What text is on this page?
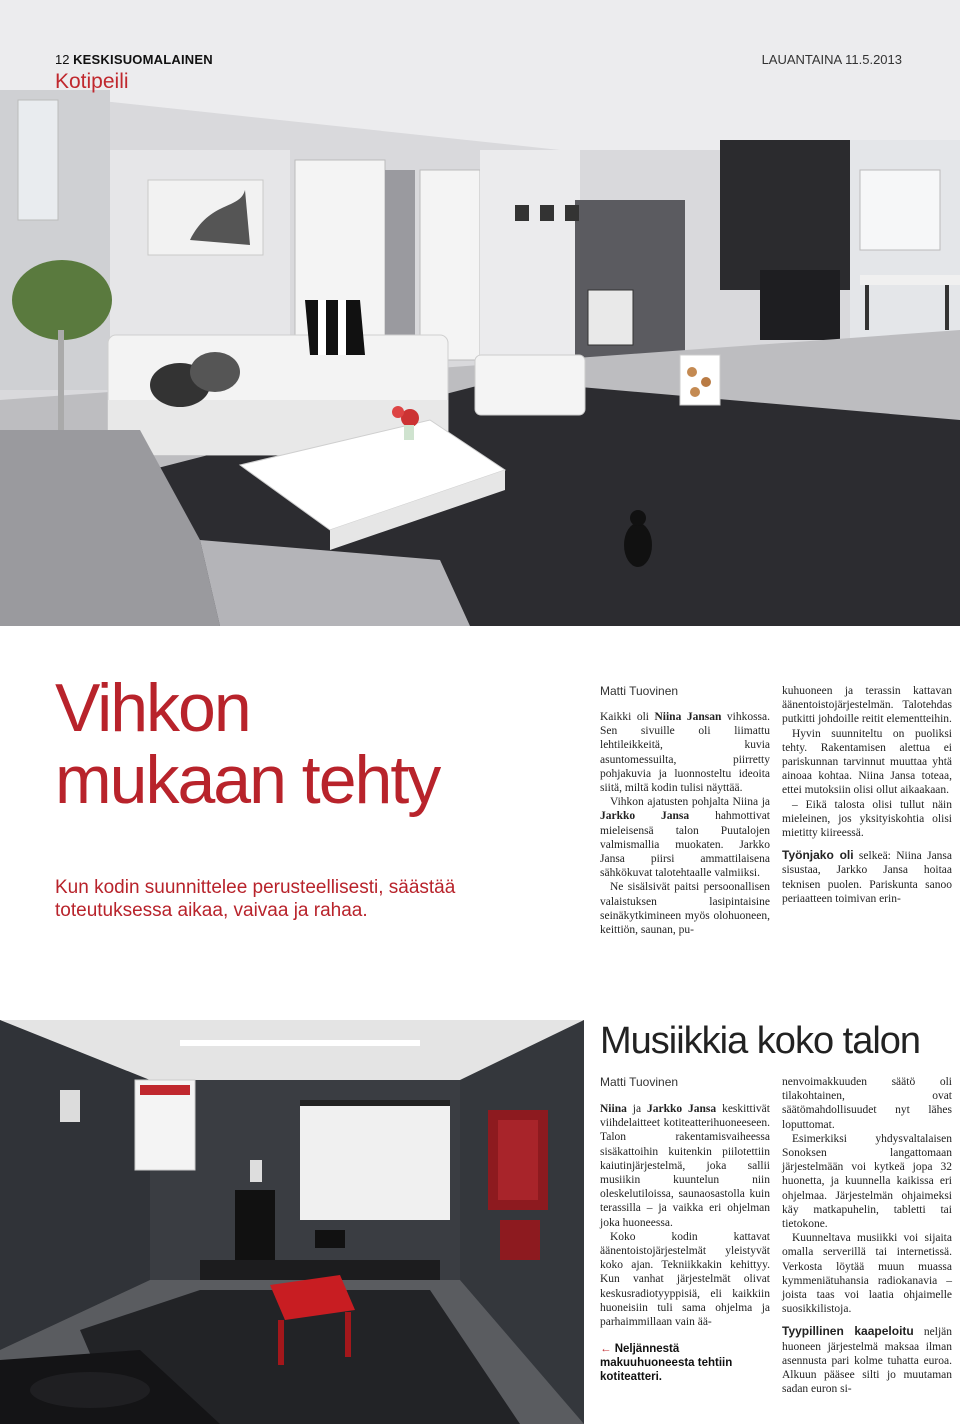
12 KESKISUOMALAINEN	LAUANTAINA 11.5.2013
Kotipeili
Vihkon
mukaan tehty
Kun kodin suunnittelee perusteellisesti, säästää toteutuksessa aikaa, vaivaa ja rahaa.
Matti Tuovinen

Kaikki oli Niina Jansan vihkossa. Sen sivuille oli liimattu lehtileikkeitä, kuvia asuntomessuilta, piirretty pohjakuvia ja luonnosteltu ideoita siitä, miltä kodin tulisi näyttää.

Vihkon ajatusten pohjalta Niina ja Jarkko Jansa hahmottivat mieleisensä talon Puutalojen valmismallia muokaten. Jarkko Jansa piirsi ammattilaisena sähkökuvat talotehtaalle valmiiksi.

Ne sisälsivät paitsi persoonallisen valaistuksen lasipintaisine seinäkytkimineen myös olohuoneen, keittiön, saunan, pu-

kuhuoneen ja terassin kattavan äänentoistojärjestelmän. Talotehdas putkitti johdoille reitit elementteihin.

Hyvin suunniteltu on puoliksi tehty. Rakentamisen alettua ei pariskunnan tarvinnut muuttaa yhtä ainoaa kohtaa. Niina Jansa toteaa, ettei mutoksiin olisi ollut aikaakaan.

– Eikä talosta olisi tullut näin mieleinen, jos yksityiskohtia olisi mietitty kiireessä.

Työnjako oli selkeä: Niina Jansa sisustaa, Jarkko Jansa hoitaa teknisen puolen. Pariskunta sanoo periaatteen toimivan erin-

Musiikkia koko talon
Matti Tuovinen

Niina ja Jarkko Jansa keskittivät viihdelaitteet kotiteatterihuoneeseen. Talon rakentamisvaiheessa sisäkattoihin kuitenkin piilotettiin kaiutinjärjestelmä, joka sallii musiikin kuuntelun niin oleskelutiloissa, saunaosastolla kuin terassilla – ja vaikka eri ohjelman joka huoneessa.

Koko kodin kattavat äänentoistojärjestelmät yleistyvät koko ajan. Tekniikkakin kehittyy. Kun vanhat järjestelmät olivat keskusradiotyyppisiä, eli kaikkiin huoneisiin tuli sama ohjelma ja parhaimmillaan vain ää-

nenvoimakkuuden säätö oli tilakohtainen, ovat säätömahdollisuudet nyt lähes loputtomat.

Esimerkiksi yhdysvaltalaisen Sonoksen langattomaan järjestelmään voi kytkeä jopa 32 huonetta, ja kuunnella kaikissa eri ohjelmaa. Järjestelmän ohjaimeksi käy matkapuhelin, tabletti tai tietokone.

Kuunneltava musiikki voi sijaita omalla serverillä tai internetissä. Verkosta löytää muun muassa kymmeniätuhansia radiokanavia – joista taas voi laatia ohjaimelle suosikkilistoja.

Tyypillinen kaapeloitu neljän huoneen järjestelmä maksaa ilman asennusta pari kolme tuhatta euroa. Alkuun pääsee silti jo muutaman sadan euron si-

← Neljännestä makuuhuoneesta tehtiin kotiteatteri.
